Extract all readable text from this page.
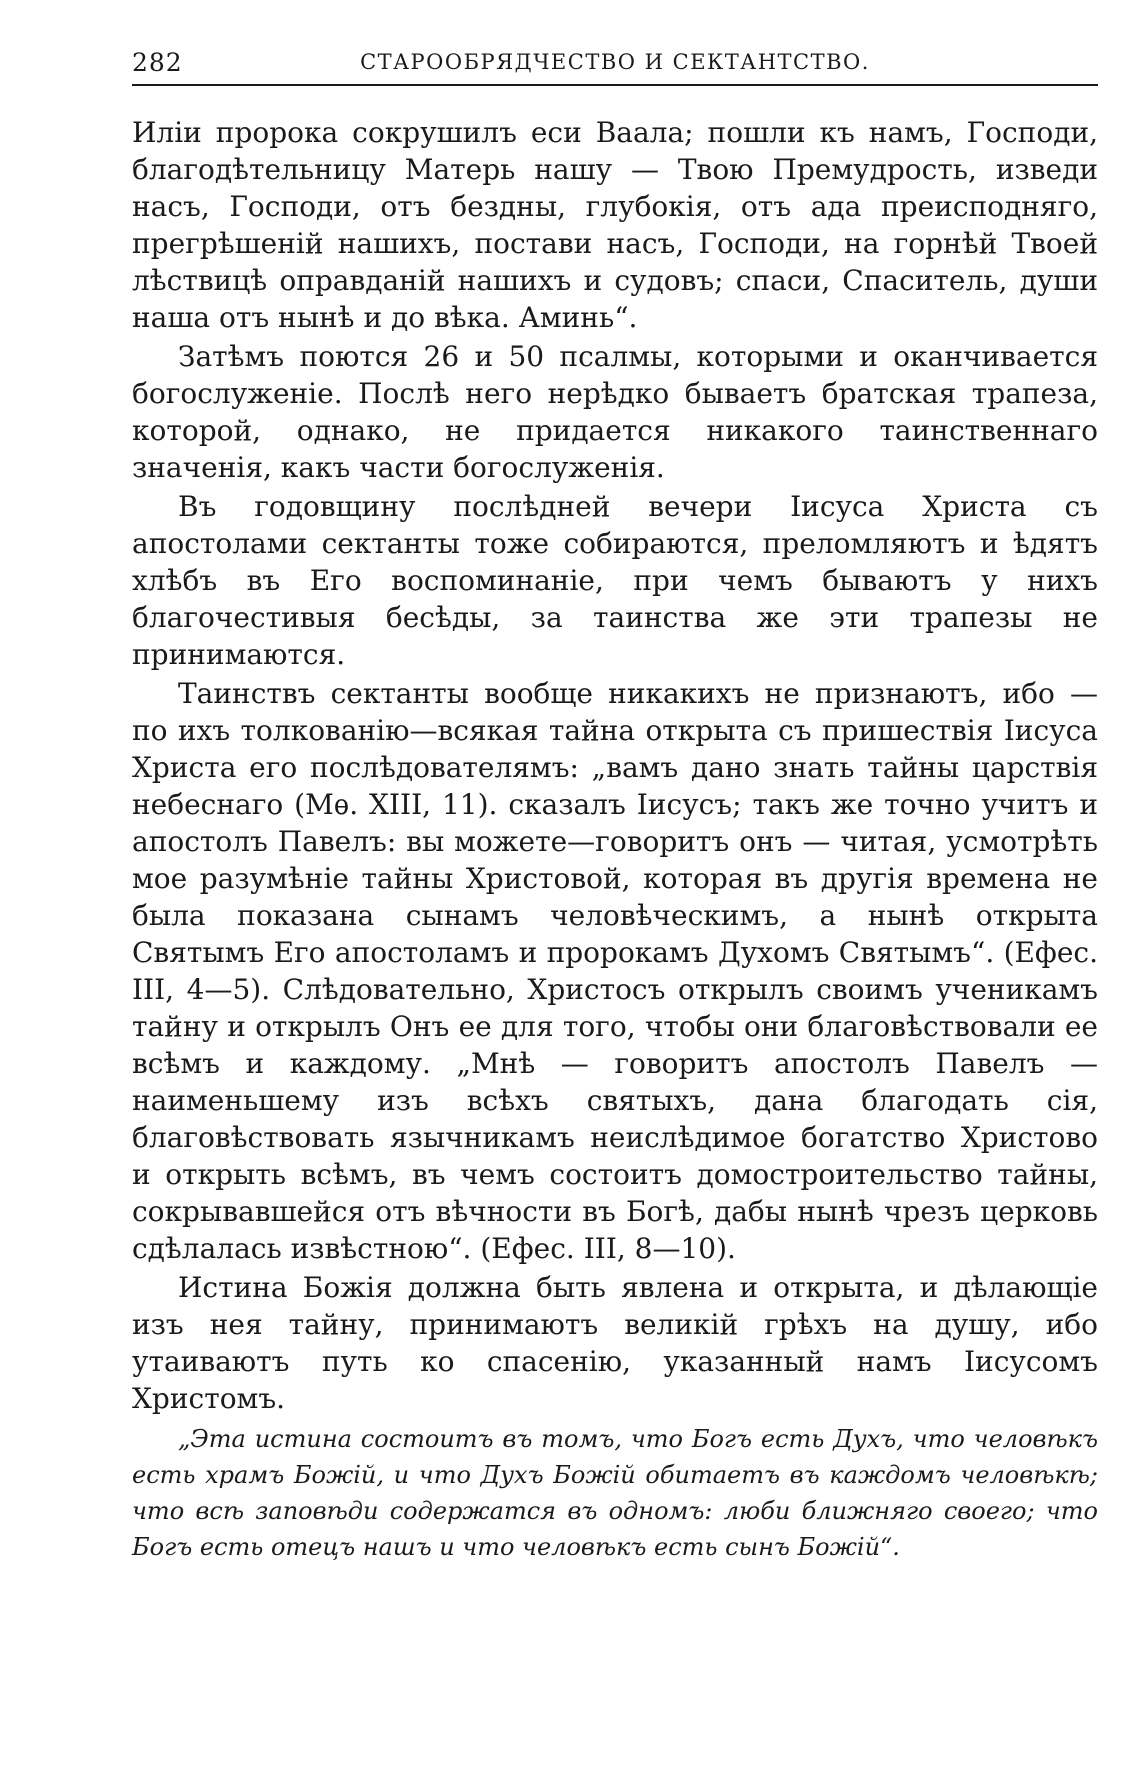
282	СТАРООБРЯДЧЕСТВО И СЕКТАНТСТВО.

Илiи пророка сокрушилъ еси Ваала; пошли къ намъ, Господи, благодѣтельницу Матерь нашу — Твою Премудрость, изведи насъ, Господи, отъ бездны, глубокiя, отъ ада преисподняго, прегрѣшенiй нашихъ, постави насъ, Господи, на горнѣй Твоей лѣствицѣ оправданiй нашихъ и судовъ; спаси, Спаситель, души наша отъ нынѣ и до вѣка. Аминь“.

Затѣмъ поются 26 и 50 псалмы, которыми и оканчивается богослуженiе. Послѣ него нерѣдко бываетъ братская трапеза, которой, однако, не придается никакого таинственнаго значенiя, какъ части богослуженiя.

Въ годовщину послѣдней вечери Iисуса Христа съ апостолами сектанты тоже собираются, преломляютъ и ѣдятъ хлѣбъ въ Его воспоминанiе, при чемъ бываютъ у нихъ благочестивыя бесѣды, за таинства же эти трапезы не принимаются.

Таинствъ сектанты вообще никакихъ не признаютъ, ибо — по ихъ толкованiю—всякая тайна открыта съ пришествiя Iисуса Христа его послѣдователямъ: „вамъ дано знать тайны царствiя небеснаго (Мѳ. XIII, 11). сказалъ Iисусъ; такъ же точно учитъ и апостолъ Павелъ: вы можете—говоритъ онъ — читая, усмотрѣть мое разумѣнiе тайны Христовой, которая въ другiя времена не была показана сынамъ человѣческимъ, а нынѣ открыта Святымъ Его апостоламъ и пророкамъ Духомъ Святымъ“. (Ефес. III, 4—5). Слѣдовательно, Христосъ открылъ своимъ ученикамъ тайну и открылъ Онъ ее для того, чтобы они благовѣствовали ее всѣмъ и каждому. „Мнѣ — говоритъ апостолъ Павелъ — наименьшему изъ всѣхъ святыхъ, дана благодать сiя, благовѣствовать язычникамъ неислѣдимое богатство Христово и открыть всѣмъ, въ чемъ состоитъ домостроительство тайны, сокрывавшейся отъ вѣчности въ Богѣ, дабы нынѣ чрезъ церковь сдѣлалась извѣстною“. (Ефес. III, 8—10).

Истина Божiя должна быть явлена и открыта, и дѣлающiе изъ нея тайну, принимаютъ великiй грѣхъ на душу, ибо утаиваютъ путь ко спасенiю, указанный намъ Iисусомъ Христомъ.

„Эта истина состоитъ въ томъ, что Богъ есть Духъ, что человѣкъ есть храмъ Божiй, и что Духъ Божiй обитаетъ въ каждомъ человѣкѣ; что всѣ заповѣди содержатся въ одномъ: люби ближняго своего; что Богъ есть отецъ нашъ и что человѣкъ есть сынъ Божiй“.
